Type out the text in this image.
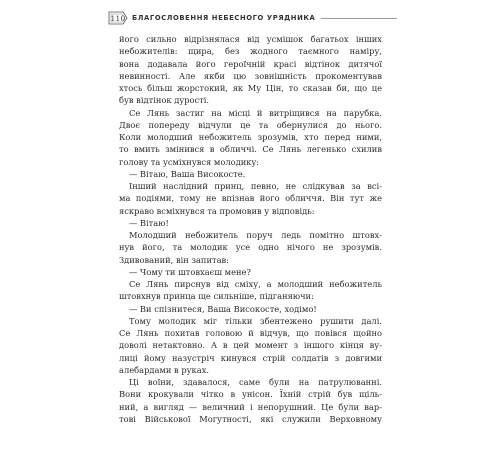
110 БЛАГОСЛОВЕННЯ НЕБЕСНОГО УРЯДНИКА
його сильно відрізнялася від усмішок багатьох інших
небожителів: щира, без жодного таємного наміру,
вона додавала його героїчній красі відтінок дитячої
невинності. Але якби цю зовнішність прокоментував
хтось більш жорстокий, як Му Цін, то сказав би, що це
був відтінок дурості.
Се Лянь застиг на місці й витріщився на парубка.
Двоє попереду відчули це та обернулися до нього.
Коли молодший небожитель зрозумів, хто перед ними,
то вмить змінився в обличчі. Се Лянь легенько схилив
голову та усміхнувся молодику:
— Вітаю, Ваша Високосте.
Інший наслідний принц, певно, не слідкував за всі-
ма подіями, тому не впізнав його обличчя. Він тут же
яскраво всміхнувся та промовив у відповідь:
— Вітаю!
Молодший небожитель поруч ледь помітно штовх-
нув його, та молодик усе одно нічого не зрозумів.
Здивований, він запитав:
— Чому ти штовхаєш мене?
Се Лянь пирснув від сміху, а молодший небожитель
штовхнув принца ще сильніше, підганяючи:
— Ви спізнитеся, Ваша Високосте, ходімо!
Тому молодик міг тільки збентежено рушити далі.
Се Лянь похитав головою й відчув, що повівся щойно
доволі нетактовно. А в цей момент з іншого кінця ву-
лиці йому назустріч кинувся стрій солдатів з довгими
алебардами в руках.
Ці воїни, здавалося, саме були на патрулюванні.
Вони крокували чітко в унісон. Їхній стрій був щіль-
ний, а вигляд — величний і непорушний. Це були вар-
тові Військової Могутності, які служили Верховному
